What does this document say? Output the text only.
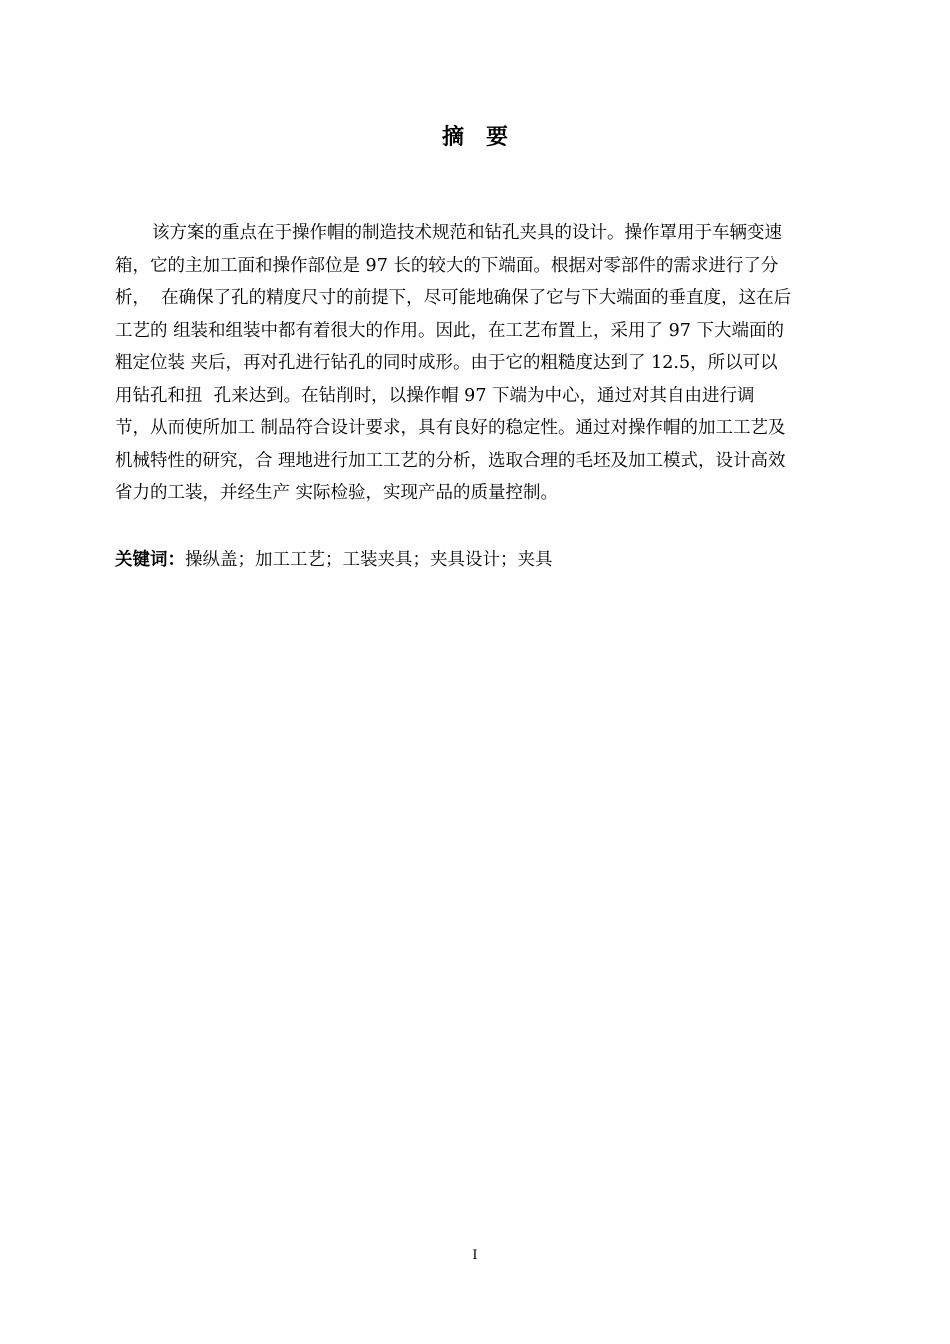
摘要
该方案的重点在于操作帽的制造技术规范和钻孔夹具的设计。操作罩用于车辆变速
箱，它的主加工面和操作部位是 97 长的较大的下端面。根据对零部件的需求进行了分
析，  在确保了孔的精度尺寸的前提下，尽可能地确保了它与下大端面的垂直度，这在后
工艺的 组装和组装中都有着很大的作用。因此，在工艺布置上，采用了 97 下大端面的
粗定位装 夹后，再对孔进行钻孔的同时成形。由于它的粗糙度达到了 12.5，所以可以
用钻孔和扭  孔来达到。在钻削时，以操作帽 97 下端为中心，通过对其自由进行调
节，从而使所加工 制品符合设计要求，具有良好的稳定性。通过对操作帽的加工工艺及
机械特性的研究，合 理地进行加工工艺的分析，选取合理的毛坯及加工模式，设计高效
省力的工装，并经生产 实际检验，实现产品的质量控制。
关键词：操纵盖；加工工艺；工装夹具；夹具设计；夹具
I
